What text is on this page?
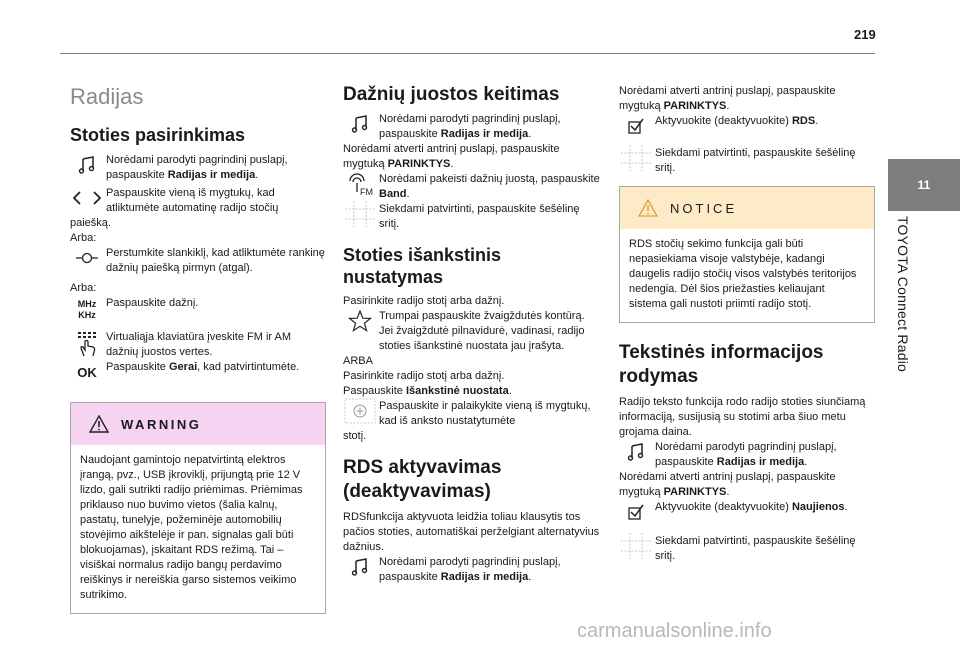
219
11
TOYOTA Connect Radio
Radijas
Stoties pasirinkimas
Norėdami parodyti pagrindinį puslapį, paspauskite Radijas ir medija.
Paspauskite vieną iš mygtukų, kad atliktumėte automatinę radijo stočių
paiešką.
Arba:
Perstumkite slankiklį, kad atliktumėte rankinę dažnių paiešką pirmyn (atgal).
Arba:
MHz
KHz
Paspauskite dažnį.
Virtualiąja klaviatūra įveskite FM ir AM dažnių juostos vertes.
OK Paspauskite Gerai, kad patvirtintumėte.
WARNING
Naudojant gamintojo nepatvirtintą elektros įrangą, pvz., USB įkroviklį, prijungtą prie 12 V lizdo, gali sutrikti radijo priėmimas. Priėmimas priklauso nuo buvimo vietos (šalia kalnų, pastatų, tunelyje, požeminėje automobilių stovėjimo aikštelėje ir pan. signalas gali būti blokuojamas), įskaitant RDS režimą. Tai – visiškai normalus radijo bangų perdavimo reiškinys ir nereiškia garso sistemos veikimo sutrikimo.
Dažnių juostos keitimas
Norėdami parodyti pagrindinį puslapį, paspauskite Radijas ir medija.
Norėdami atverti antrinį puslapį, paspauskite mygtuką PARINKTYS.
FM
Norėdami pakeisti dažnių juostą, paspauskite Band.
Siekdami patvirtinti, paspauskite šešėlinę sritį.
Stoties išankstinis
nustatymas
Pasirinkite radijo stotį arba dažnį.
Trumpai paspauskite žvaigždutės kontūrą. Jei žvaigždutė pilnavidurė, vadinasi, radijo stoties išankstinė nuostata jau įrašyta.
ARBA
Pasirinkite radijo stotį arba dažnį.
Paspauskite Išankstinė nuostata.
Paspauskite ir palaikykite vieną iš mygtukų, kad iš anksto nustatytumėte
stotį.
RDS aktyvavimas
(deaktyvavimas)
RDSfunkcija aktyvuota leidžia toliau klausytis tos pačios stoties, automatiškai perželgiant alternatyvius dažnius.
Norėdami parodyti pagrindinį puslapį, paspauskite Radijas ir medija.
Norėdami atverti antrinį puslapį, paspauskite mygtuką PARINKTYS.
Aktyvuokite (deaktyvuokite) RDS.
Siekdami patvirtinti, paspauskite šešėlinę sritį.
NOTICE
RDS stočių sekimo funkcija gali būti nepasiekiama visoje valstybėje, kadangi daugelis radijo stočių visos valstybės teritorijos nedengia. Dėl šios priežasties keliaujant sistema gali nustoti priimti radijo stotį.
Tekstinės informacijos
rodymas
Radijo teksto funkcija rodo radijo stoties siunčiamą informaciją, susijusią su stotimi arba šiuo metu grojama daina.
Norėdami parodyti pagrindinį puslapį, paspauskite Radijas ir medija.
Norėdami atverti antrinį puslapį, paspauskite mygtuką PARINKTYS.
Aktyvuokite (deaktyvuokite) Naujienos.
Siekdami patvirtinti, paspauskite šešėlinę sritį.
carmanualsonline.info
